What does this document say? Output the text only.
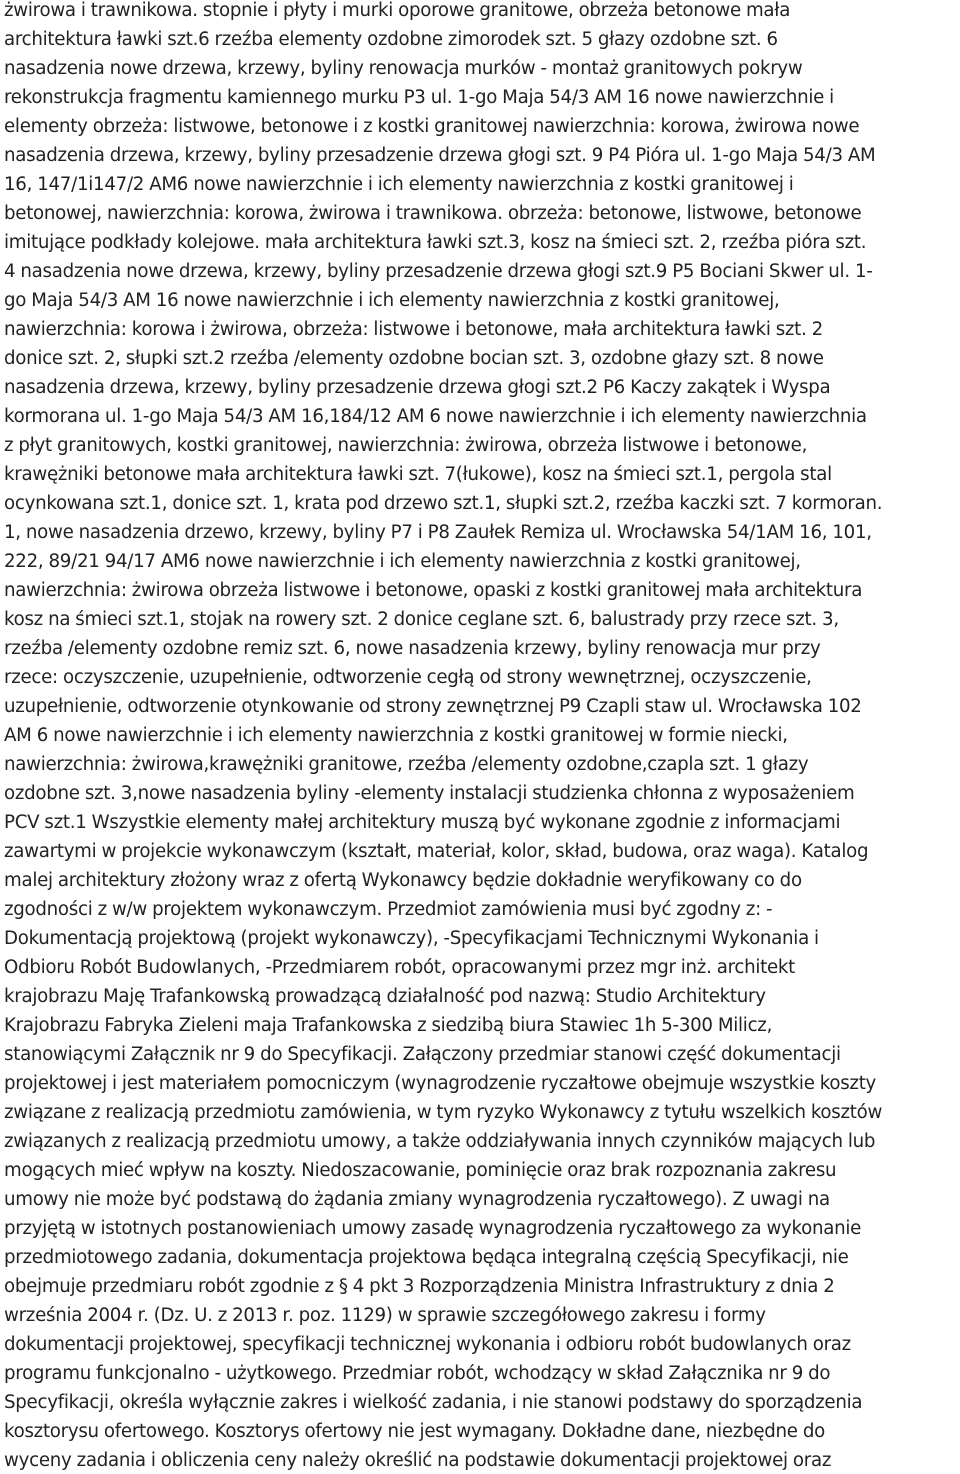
żwirowa i trawnikowa. stopnie i płyty i murki oporowe granitowe, obrzeża betonowe mała
architektura ławki szt.6 rzeźba elementy ozdobne zimorodek szt. 5 głazy ozdobne szt. 6
nasadzenia nowe drzewa, krzewy, byliny renowacja murków - montaż granitowych pokryw
rekonstrukcja fragmentu kamiennego murku P3 ul. 1-go Maja 54/3 AM 16 nowe nawierzchnie i
elementy obrzeża: listwowe, betonowe i z kostki granitowej nawierzchnia: korowa, żwirowa nowe
nasadzenia drzewa, krzewy, byliny przesadzenie drzewa głogi szt. 9 P4 Pióra ul. 1-go Maja 54/3 AM
16, 147/1i147/2 AM6 nowe nawierzchnie i ich elementy nawierzchnia z kostki granitowej i
betonowej, nawierzchnia: korowa, żwirowa i trawnikowa. obrzeża: betonowe, listwowe, betonowe
imitujące podkłady kolejowe. mała architektura ławki szt.3, kosz na śmieci szt. 2, rzeźba pióra szt.
4 nasadzenia nowe drzewa, krzewy, byliny przesadzenie drzewa głogi szt.9 P5 Bociani Skwer ul. 1-
go Maja 54/3 AM 16 nowe nawierzchnie i ich elementy nawierzchnia z kostki granitowej,
nawierzchnia: korowa i żwirowa, obrzeża: listwowe i betonowe, mała architektura ławki szt. 2
donice szt. 2, słupki szt.2 rzeźba /elementy ozdobne bocian szt. 3, ozdobne głazy szt. 8 nowe
nasadzenia drzewa, krzewy, byliny przesadzenie drzewa głogi szt.2 P6 Kaczy zakątek i Wyspa
kormorana ul. 1-go Maja 54/3 AM 16,184/12 AM 6 nowe nawierzchnie i ich elementy nawierzchnia
z płyt granitowych, kostki granitowej, nawierzchnia: żwirowa, obrzeża listwowe i betonowe,
krawężniki betonowe mała architektura ławki szt. 7(łukowe), kosz na śmieci szt.1, pergola stal
ocynkowana szt.1, donice szt. 1, krata pod drzewo szt.1, słupki szt.2, rzeźba kaczki szt. 7 kormoran.
1, nowe nasadzenia drzewo, krzewy, byliny P7 i P8 Zaułek Remiza ul. Wrocławska 54/1AM 16, 101,
222, 89/21 94/17 AM6 nowe nawierzchnie i ich elementy nawierzchnia z kostki granitowej,
nawierzchnia: żwirowa obrzeża listwowe i betonowe, opaski z kostki granitowej mała architektura
kosz na śmieci szt.1, stojak na rowery szt. 2 donice ceglane szt. 6, balustrady przy rzece szt. 3,
rzeźba /elementy ozdobne remiz szt. 6, nowe nasadzenia krzewy, byliny renowacja mur przy
rzece: oczyszczenie, uzupełnienie, odtworzenie cegłą od strony wewnętrznej, oczyszczenie,
uzupełnienie, odtworzenie otynkowanie od strony zewnętrznej P9 Czapli staw ul. Wrocławska 102
AM 6 nowe nawierzchnie i ich elementy nawierzchnia z kostki granitowej w formie niecki,
nawierzchnia: żwirowa,krawężniki granitowe, rzeźba /elementy ozdobne,czapla szt. 1 głazy
ozdobne szt. 3,nowe nasadzenia byliny -elementy instalacji studzienka chłonna z wyposażeniem
PCV szt.1 Wszystkie elementy małej architektury muszą być wykonane zgodnie z informacjami
zawartymi w projekcie wykonawczym (kształt, materiał, kolor, skład, budowa, oraz waga). Katalog
malej architektury złożony wraz z ofertą Wykonawcy będzie dokładnie weryfikowany co do
zgodności z w/w projektem wykonawczym. Przedmiot zamówienia musi być zgodny z: -
Dokumentacją projektową (projekt wykonawczy), -Specyfikacjami Technicznymi Wykonania i
Odbioru Robót Budowlanych, -Przedmiarem robót, opracowanymi przez mgr inż. architekt
krajobrazu Maję Trafankowską prowadzącą działalność pod nazwą: Studio Architektury
Krajobrazu Fabryka Zieleni maja Trafankowska z siedzibą biura Stawiec 1h 5-300 Milicz,
stanowiącymi Załącznik nr 9 do Specyfikacji. Załączony przedmiar stanowi część dokumentacji
projektowej i jest materiałem pomocniczym (wynagrodzenie ryczałtowe obejmuje wszystkie koszty
związane z realizacją przedmiotu zamówienia, w tym ryzyko Wykonawcy z tytułu wszelkich kosztów
związanych z realizacją przedmiotu umowy, a także oddziaływania innych czynników mających lub
mogących mieć wpływ na koszty. Niedoszacowanie, pominięcie oraz brak rozpoznania zakresu
umowy nie może być podstawą do żądania zmiany wynagrodzenia ryczałtowego). Z uwagi na
przyjętą w istotnych postanowieniach umowy zasadę wynagrodzenia ryczałtowego za wykonanie
przedmiotowego zadania, dokumentacja projektowa będąca integralną częścią Specyfikacji, nie
obejmuje przedmiaru robót zgodnie z § 4 pkt 3 Rozporządzenia Ministra Infrastruktury z dnia 2
września 2004 r. (Dz. U. z 2013 r. poz. 1129) w sprawie szczegółowego zakresu i formy
dokumentacji projektowej, specyfikacji technicznej wykonania i odbioru robót budowlanych oraz
programu funkcjonalno - użytkowego. Przedmiar robót, wchodzący w skład Załącznika nr 9 do
Specyfikacji, określa wyłącznie zakres i wielkość zadania, i nie stanowi podstawy do sporządzenia
kosztorysu ofertowego. Kosztorys ofertowy nie jest wymagany. Dokładne dane, niezbędne do
wyceny zadania i obliczenia ceny należy określić na podstawie dokumentacji projektowej oraz
